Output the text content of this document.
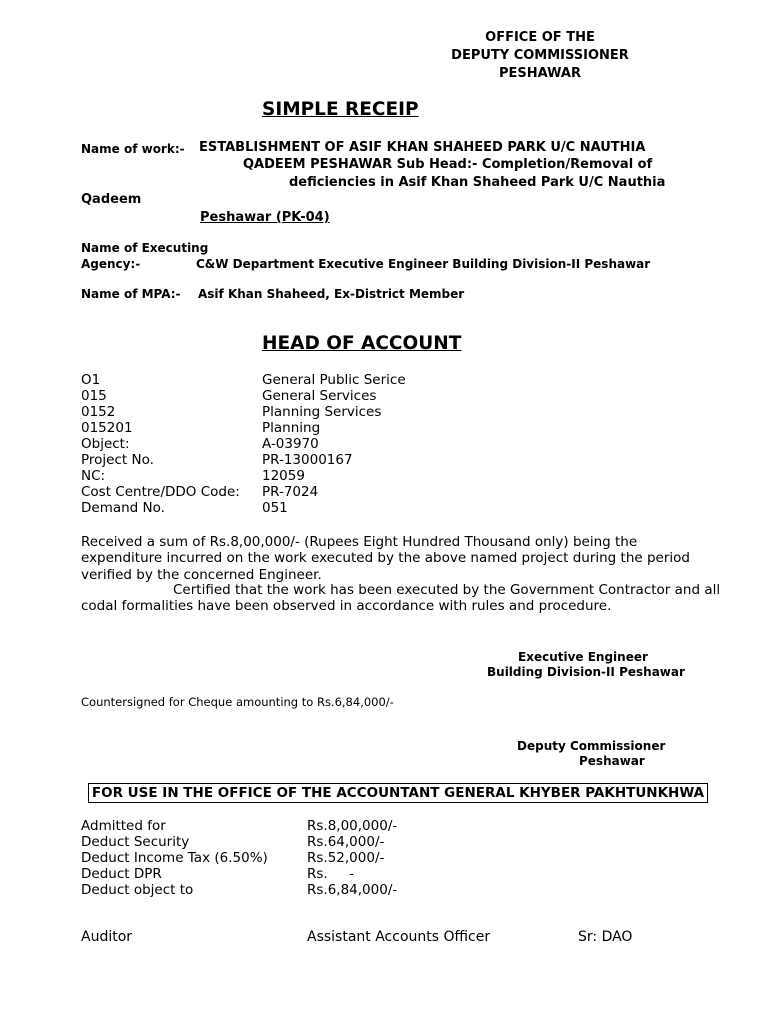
OFFICE OF THE
DEPUTY COMMISSIONER
PESHAWAR
SIMPLE RECEIP
Name of work:- ESTABLISHMENT OF ASIF KHAN SHAHEED PARK U/C NAUTHIA
QADEEM PESHAWAR Sub Head:- Completion/Removal of
deficiencies in Asif Khan Shaheed Park U/C Nauthia
Qadeem
Peshawar (PK-04)
Name of Executing
Agency:-	C&W Department Executive Engineer Building Division-II Peshawar
Name of MPA:- Asif Khan Shaheed, Ex-District Member
HEAD OF ACCOUNT
O1	General Public Serice
015	General Services
0152	Planning Services
015201	Planning
Object:	A-03970
Project No.	PR-13000167
NC:	12059
Cost Centre/DDO Code: PR-7024
Demand No.	051
Received a sum of Rs.8,00,000/- (Rupees Eight Hundred Thousand only) being the expenditure incurred on the work executed by the above named project during the period verified by the concerned Engineer.
Certified that the work has been executed by the Government Contractor and all codal formalities have been observed in accordance with rules and procedure.
Executive Engineer
Building Division-II Peshawar
Countersigned for Cheque amounting to Rs.6,84,000/-
Deputy Commissioner
Peshawar
FOR USE IN THE OFFICE OF THE ACCOUNTANT GENERAL KHYBER PAKHTUNKHWA
Admitted for	Rs.8,00,000/-
Deduct Security	Rs.64,000/-
Deduct Income Tax (6.50%)	Rs.52,000/-
Deduct DPR	Rs.     -
Deduct object to	Rs.6,84,000/-
Auditor	Assistant Accounts Officer	Sr: DAO
